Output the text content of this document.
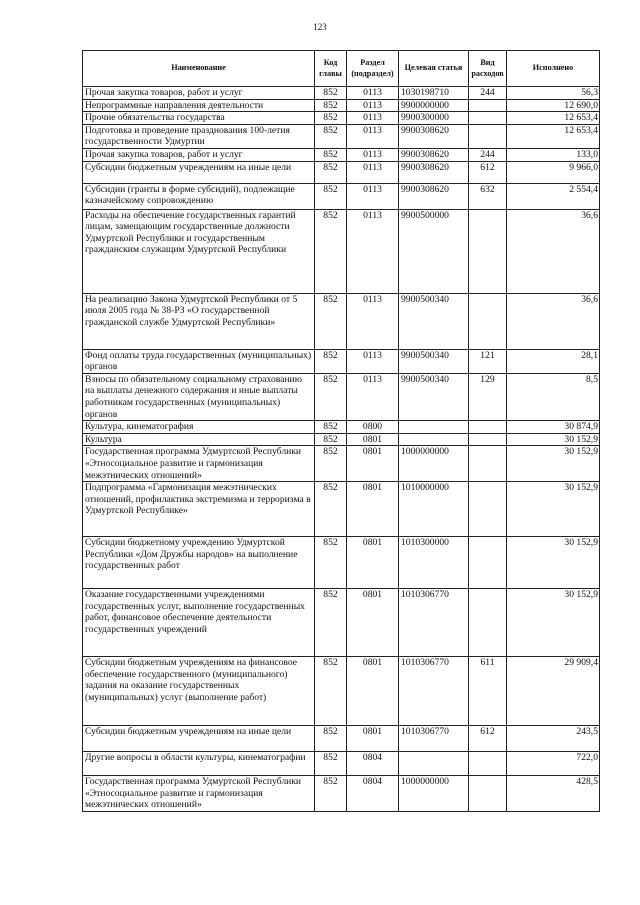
123
Наименование	Код главы	Раздел (подраздел)	Целевая статья	Вид расходов	Исполнено
Прочая закупка товаров, работ и услуг	852	0113	1030198710	244	56,3
Непрограммные направления деятельности	852	0113	9900000000		12 690,0
Прочие обязательства государства	852	0113	9900300000		12 653,4
Подготовка и проведение празднования 100-летия государственности Удмуртии	852	0113	9900308620		12 653,4
Прочая закупка товаров, работ и услуг	852	0113	9900308620	244	133,0
Субсидии бюджетным учреждениям на иные цели	852	0113	9900308620	612	9 966,0
Субсидии (гранты в форме субсидий), подлежащие казначейскому сопровождению	852	0113	9900308620	632	2 554,4
Расходы на обеспечение государственных гарантий лицам, замещающим государственные должности Удмуртской Республики и государственным гражданским служащим Удмуртской Республики	852	0113	9900500000		36,6
На реализацию Закона Удмуртской Республики от 5 июля 2005 года № 38-РЗ «О государственной гражданской службе Удмуртской Республики»	852	0113	9900500340		36,6
Фонд оплаты труда государственных (муниципальных) органов	852	0113	9900500340	121	28,1
Взносы по обязательному социальному страхованию на выплаты денежного содержания и иные выплаты работникам государственных (муниципальных) органов	852	0113	9900500340	129	8,5
Культура, кинематография	852	0800			30 874,9
Культура	852	0801			30 152,9
Государственная программа Удмуртской Республики «Этносоциальное развитие и гармонизация межэтнических отношений»	852	0801	1000000000		30 152,9
Подпрограмма «Гармонизация межэтнических отношений, профилактика экстремизма и терроризма в Удмуртской Республике»	852	0801	1010000000		30 152,9
Субсидии бюджетному учреждению Удмуртской Республики «Дом Дружбы народов» на выполнение государственных работ	852	0801	1010300000		30 152,9
Оказание государственными учреждениями государственных услуг, выполнение государственных работ, финансовое обеспечение деятельности государственных учреждений	852	0801	1010306770		30 152,9
Субсидии бюджетным учреждениям на финансовое обеспечение государственного (муниципального) задания на оказание государственных (муниципальных) услуг (выполнение работ)	852	0801	1010306770	611	29 909,4
Субсидии бюджетным учреждениям на иные цели	852	0801	1010306770	612	243,5
Другие вопросы в области культуры, кинематографии	852	0804			722,0
Государственная программа Удмуртской Республики «Этносоциальное развитие и гармонизация межэтнических отношений»	852	0804	1000000000		428,5
